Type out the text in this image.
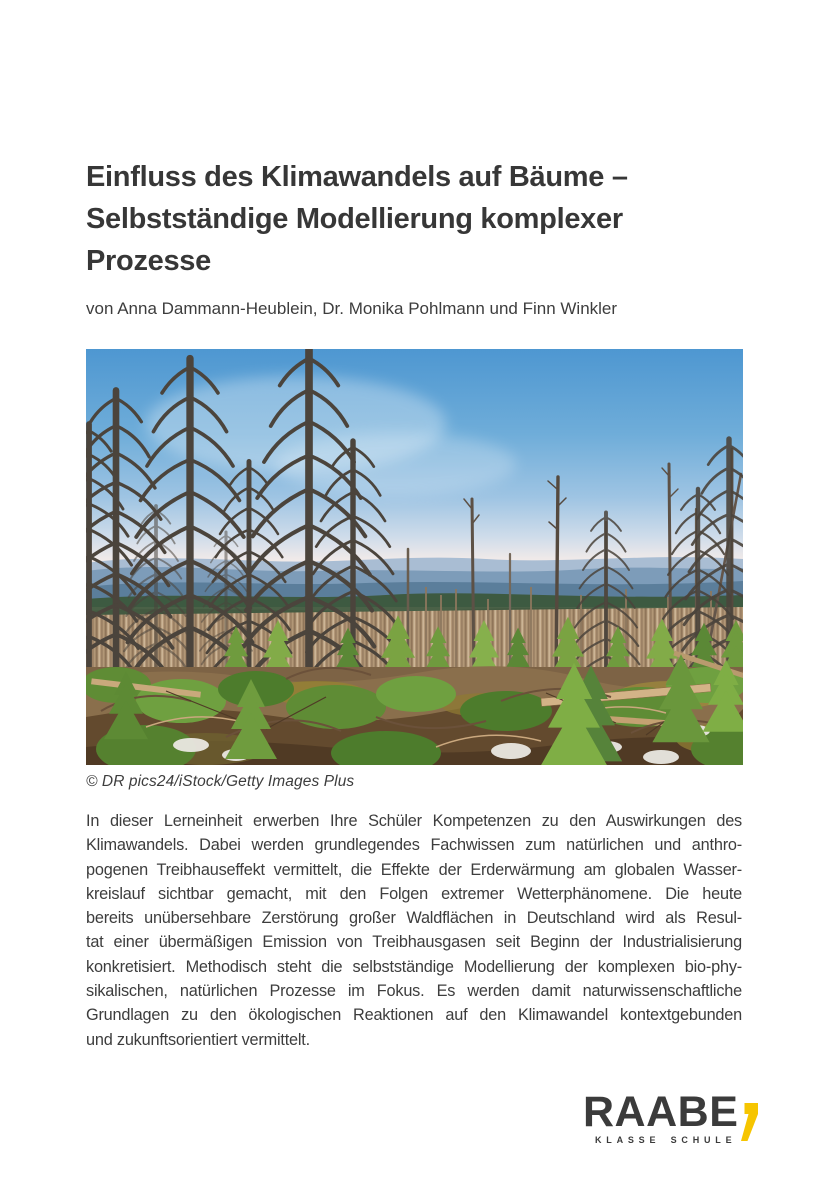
Einfluss des Klimawandels auf Bäume –
Selbstständige Modellierung komplexer
Prozesse

von Anna Dammann-Heublein, Dr. Monika Pohlmann und Finn Winkler

© DR pics24/iStock/Getty Images Plus
In dieser Lerneinheit erwerben Ihre Schüler Kompetenzen zu den Auswirkungen des
Klimawandels. Dabei werden grundlegendes Fachwissen zum natürlichen und anthro-
pogenen Treibhauseffekt vermittelt, die Effekte der Erderwärmung am globalen Wasser-
kreislauf sichtbar gemacht, mit den Folgen extremer Wetterphänomene. Die heute
bereits unübersehbare Zerstörung großer Waldflächen in Deutschland wird als Resul-
tat einer übermäßigen Emission von Treibhausgasen seit Beginn der Industrialisierung
konkretisiert. Methodisch steht die selbstständige Modellierung der komplexen bio-phy-
sikalischen, natürlichen Prozesse im Fokus. Es werden damit naturwissenschaftliche
Grundlagen zu den ökologischen Reaktionen auf den Klimawandel kontextgebunden
und zukunftsorientiert vermittelt.
RAABE
KLASSE SCHULE
